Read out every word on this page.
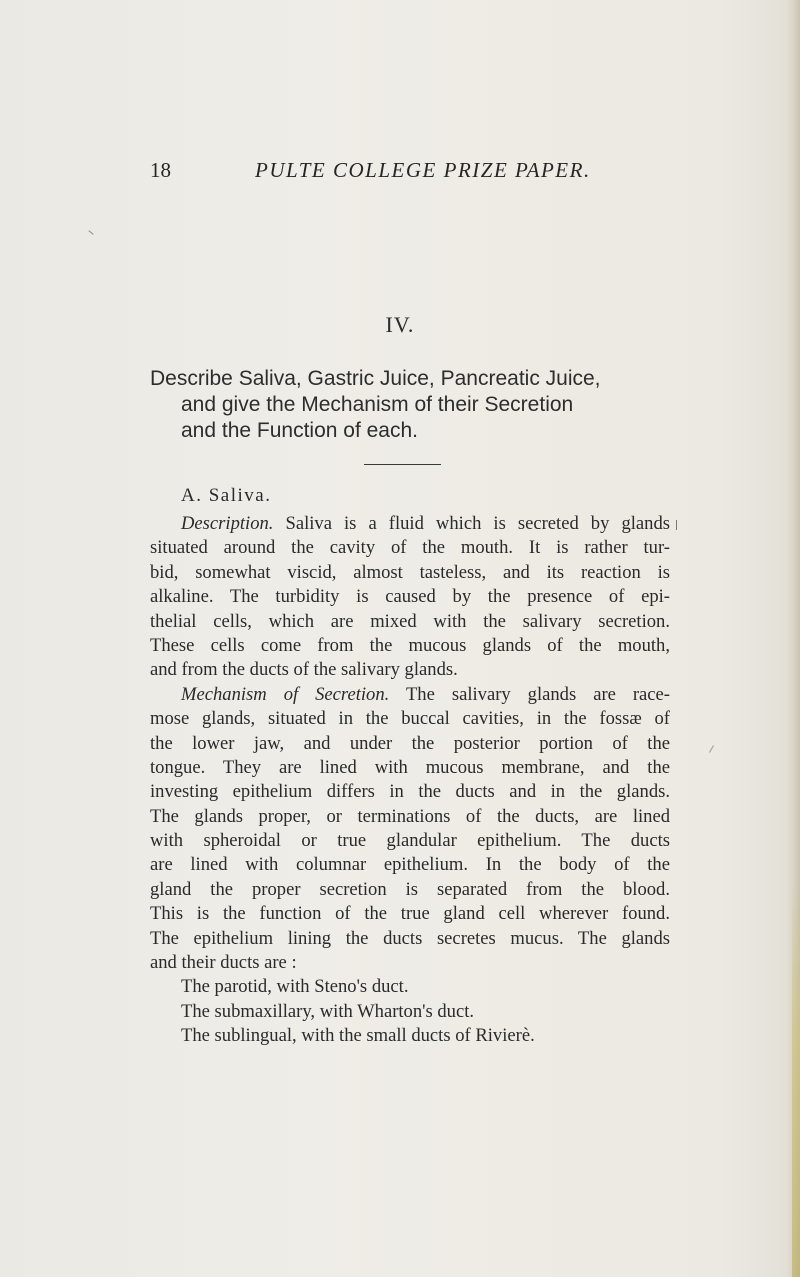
18	PULTE COLLEGE PRIZE PAPER.
IV.
Describe Saliva, Gastric Juice, Pancreatic Juice,
and give the Mechanism of their Secretion
and the Function of each.
A. Saliva.
Description. Saliva is a fluid which is secreted by glands
situated around the cavity of the mouth. It is rather tur-
bid, somewhat viscid, almost tasteless, and its reaction is
alkaline. The turbidity is caused by the presence of epi-
thelial cells, which are mixed with the salivary secretion.
These cells come from the mucous glands of the mouth,
and from the ducts of the salivary glands.
Mechanism of Secretion. The salivary glands are race-
mose glands, situated in the buccal cavities, in the fossæ of
the lower jaw, and under the posterior portion of the
tongue. They are lined with mucous membrane, and the
investing epithelium differs in the ducts and in the glands.
The glands proper, or terminations of the ducts, are lined
with spheroidal or true glandular epithelium. The ducts
are lined with columnar epithelium. In the body of the
gland the proper secretion is separated from the blood.
This is the function of the true gland cell wherever found.
The epithelium lining the ducts secretes mucus. The glands
and their ducts are :
The parotid, with Steno's duct.
The submaxillary, with Wharton's duct.
The sublingual, with the small ducts of Rivierè.
